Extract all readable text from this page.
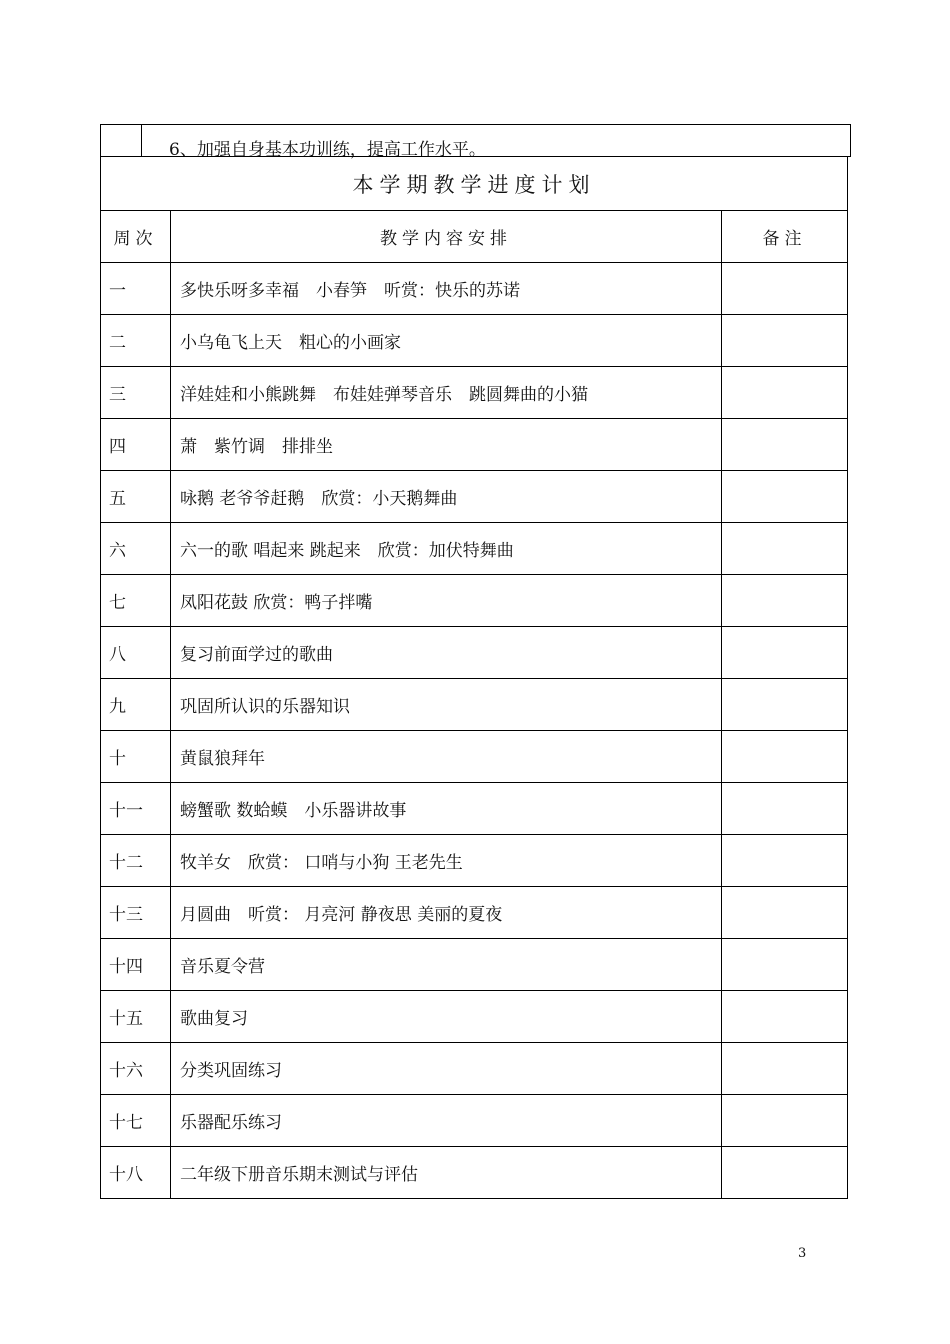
6、加强自身基本功训练，提高工作水平。
本学期教学进度计划		
周次	教学内容安排	备注
一	多快乐呀多幸福　小春笋　听赏：快乐的苏诺	
二	小乌龟飞上天　粗心的小画家	
三	洋娃娃和小熊跳舞　布娃娃弹琴音乐　跳圆舞曲的小猫	
四	萧　紫竹调　排排坐	
五	咏鹅 老爷爷赶鹅　欣赏：小天鹅舞曲	
六	六一的歌 唱起来 跳起来　欣赏：加伏特舞曲	
七	凤阳花鼓 欣赏：鸭子拌嘴	
八	复习前面学过的歌曲	
九	巩固所认识的乐器知识	
十	黄鼠狼拜年	
十一	螃蟹歌 数蛤蟆　小乐器讲故事	
十二	牧羊女　欣赏： 口哨与小狗 王老先生	
十三	月圆曲　听赏： 月亮河 静夜思 美丽的夏夜	
十四	音乐夏令营	
十五	歌曲复习	
十六	分类巩固练习	
十七	乐器配乐练习	
十八	二年级下册音乐期末测试与评估	
3
